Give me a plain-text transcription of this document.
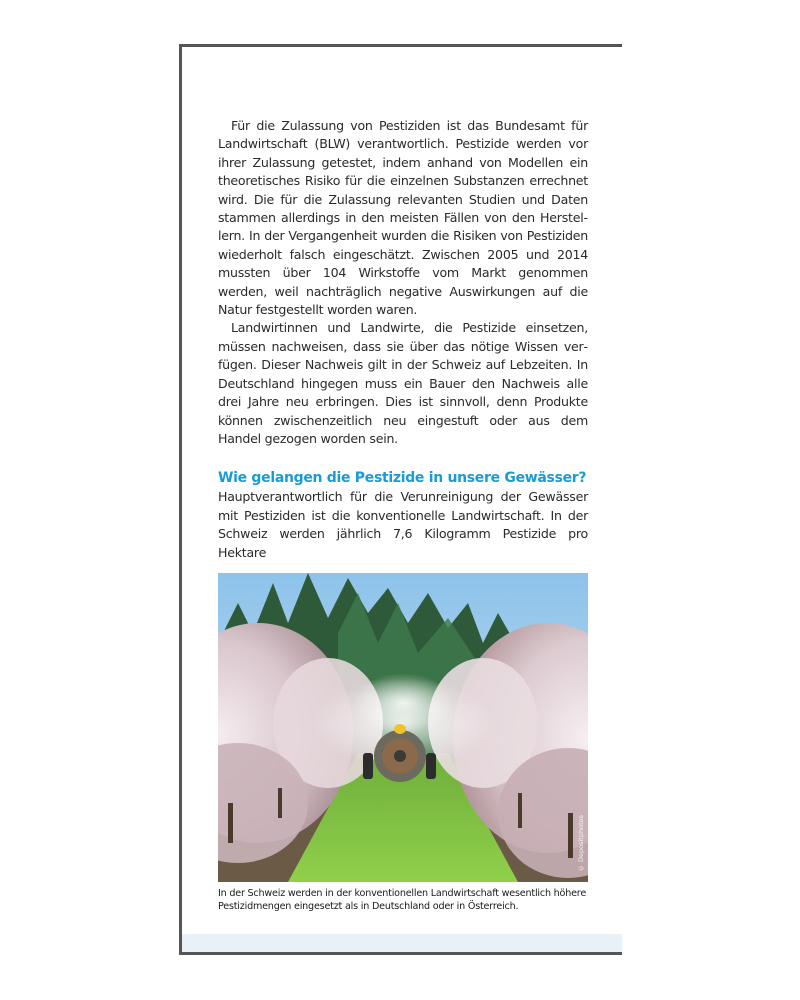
Für die Zulassung von Pestiziden ist das Bundesamt für Landwirtschaft (BLW) verantwortlich. Pestizide werden vor ihrer Zulassung getestet, indem anhand von Modellen ein theoretisches Risiko für die einzelnen Substanzen errechnet wird. Die für die Zulassung relevanten Studien und Daten stammen allerdings in den meisten Fällen von den Herstellern. In der Vergangenheit wurden die Risiken von Pestiziden wiederholt falsch eingeschätzt. Zwischen 2005 und 2014 mussten über 104 Wirkstoffe vom Markt genommen werden, weil nachträglich negative Auswirkungen auf die Natur festgestellt worden waren.

Landwirtinnen und Landwirte, die Pestizide einsetzen, müssen nachweisen, dass sie über das nötige Wissen verfügen. Dieser Nachweis gilt in der Schweiz auf Lebzeiten. In Deutschland hingegen muss ein Bauer den Nachweis alle drei Jahre neu erbringen. Dies ist sinnvoll, denn Produkte können zwischenzeitlich neu eingestuft oder aus dem Handel gezogen worden sein.

Wie gelangen die Pestizide in unsere Gewässer?

Hauptverantwortlich für die Verunreinigung der Gewässer mit Pestiziden ist die konventionelle Landwirtschaft. In der Schweiz werden jährlich 7,6 Kilogramm Pestizide pro Hektare

© Depositphotos
In der Schweiz werden in der konventionellen Landwirtschaft wesentlich höhere Pestizidmengen eingesetzt als in Deutschland oder in Österreich.
